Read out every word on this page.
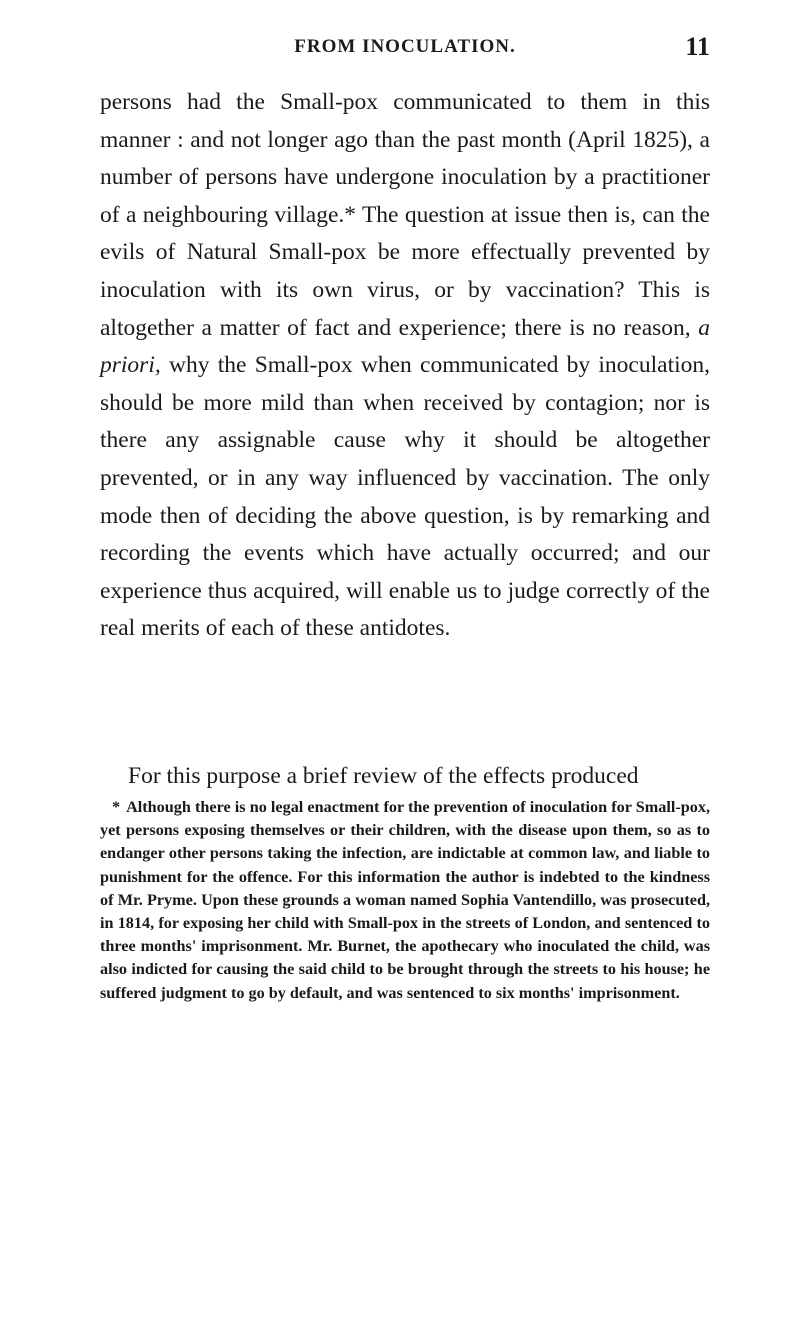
FROM INOCULATION.	11

persons had the Small-pox communicated to them in this manner : and not longer ago than the past month (April 1825), a number of persons have undergone inoculation by a practitioner of a neighbouring village.* The question at issue then is, can the evils of Natural Small-pox be more effectually prevented by inoculation with its own virus, or by vaccination? This is altogether a matter of fact and experience; there is no reason, a priori, why the Small-pox when communicated by inoculation, should be more mild than when received by contagion; nor is there any assignable cause why it should be altogether prevented, or in any way influenced by vaccination. The only mode then of deciding the above question, is by remarking and recording the events which have actually occurred; and our experience thus acquired, will enable us to judge correctly of the real merits of each of these antidotes.

For this purpose a brief review of the effects produced
* Although there is no legal enactment for the prevention of inoculation for Small-pox, yet persons exposing themselves or their children, with the disease upon them, so as to endanger other persons taking the infection, are indictable at common law, and liable to punishment for the offence. For this information the author is indebted to the kindness of Mr. Pryme. Upon these grounds a woman named Sophia Vantendillo, was prosecuted, in 1814, for exposing her child with Small-pox in the streets of London, and sentenced to three months' imprisonment. Mr. Burnet, the apothecary who inoculated the child, was also indicted for causing the said child to be brought through the streets to his house; he suffered judgment to go by default, and was sentenced to six months' imprisonment.
